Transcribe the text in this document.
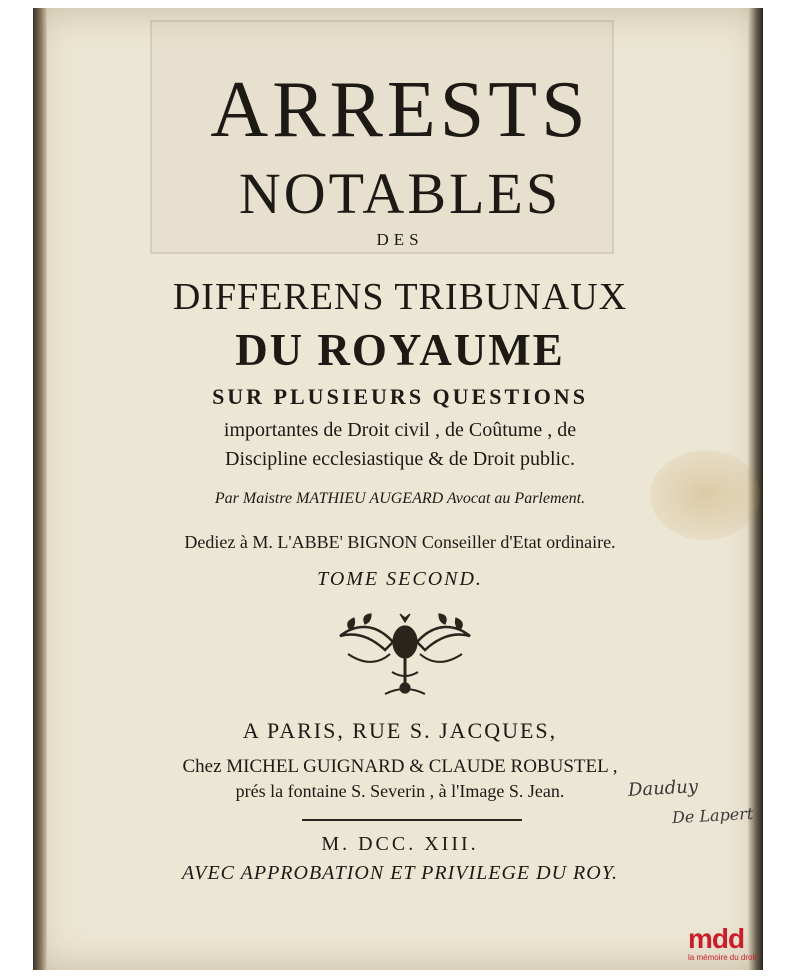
ARRESTS
NOTABLES
DES
DIFFERENS TRIBUNAUX
DU ROYAUME
SUR PLUSIEURS QUESTIONS
importantes de Droit civil , de Coûtume , de
Discipline ecclesiastique & de Droit public.
Par Maistre MATHIEU AUGEARD Avocat au Parlement.
Dediez à M. L'ABBE' BIGNON Conseiller d'Etat ordinaire.
TOME SECOND.
A PARIS, RUE S. JACQUES,
Chez MICHEL GUIGNARD & CLAUDE ROBUSTEL ,
prés la fontaine S. Severin , à l'Image S. Jean.
M. DCC. XIII.
AVEC APPROBATION ET PRIVILEGE DU ROY.
Dauduy
De Lapert
mdd
la mémoire du droit
